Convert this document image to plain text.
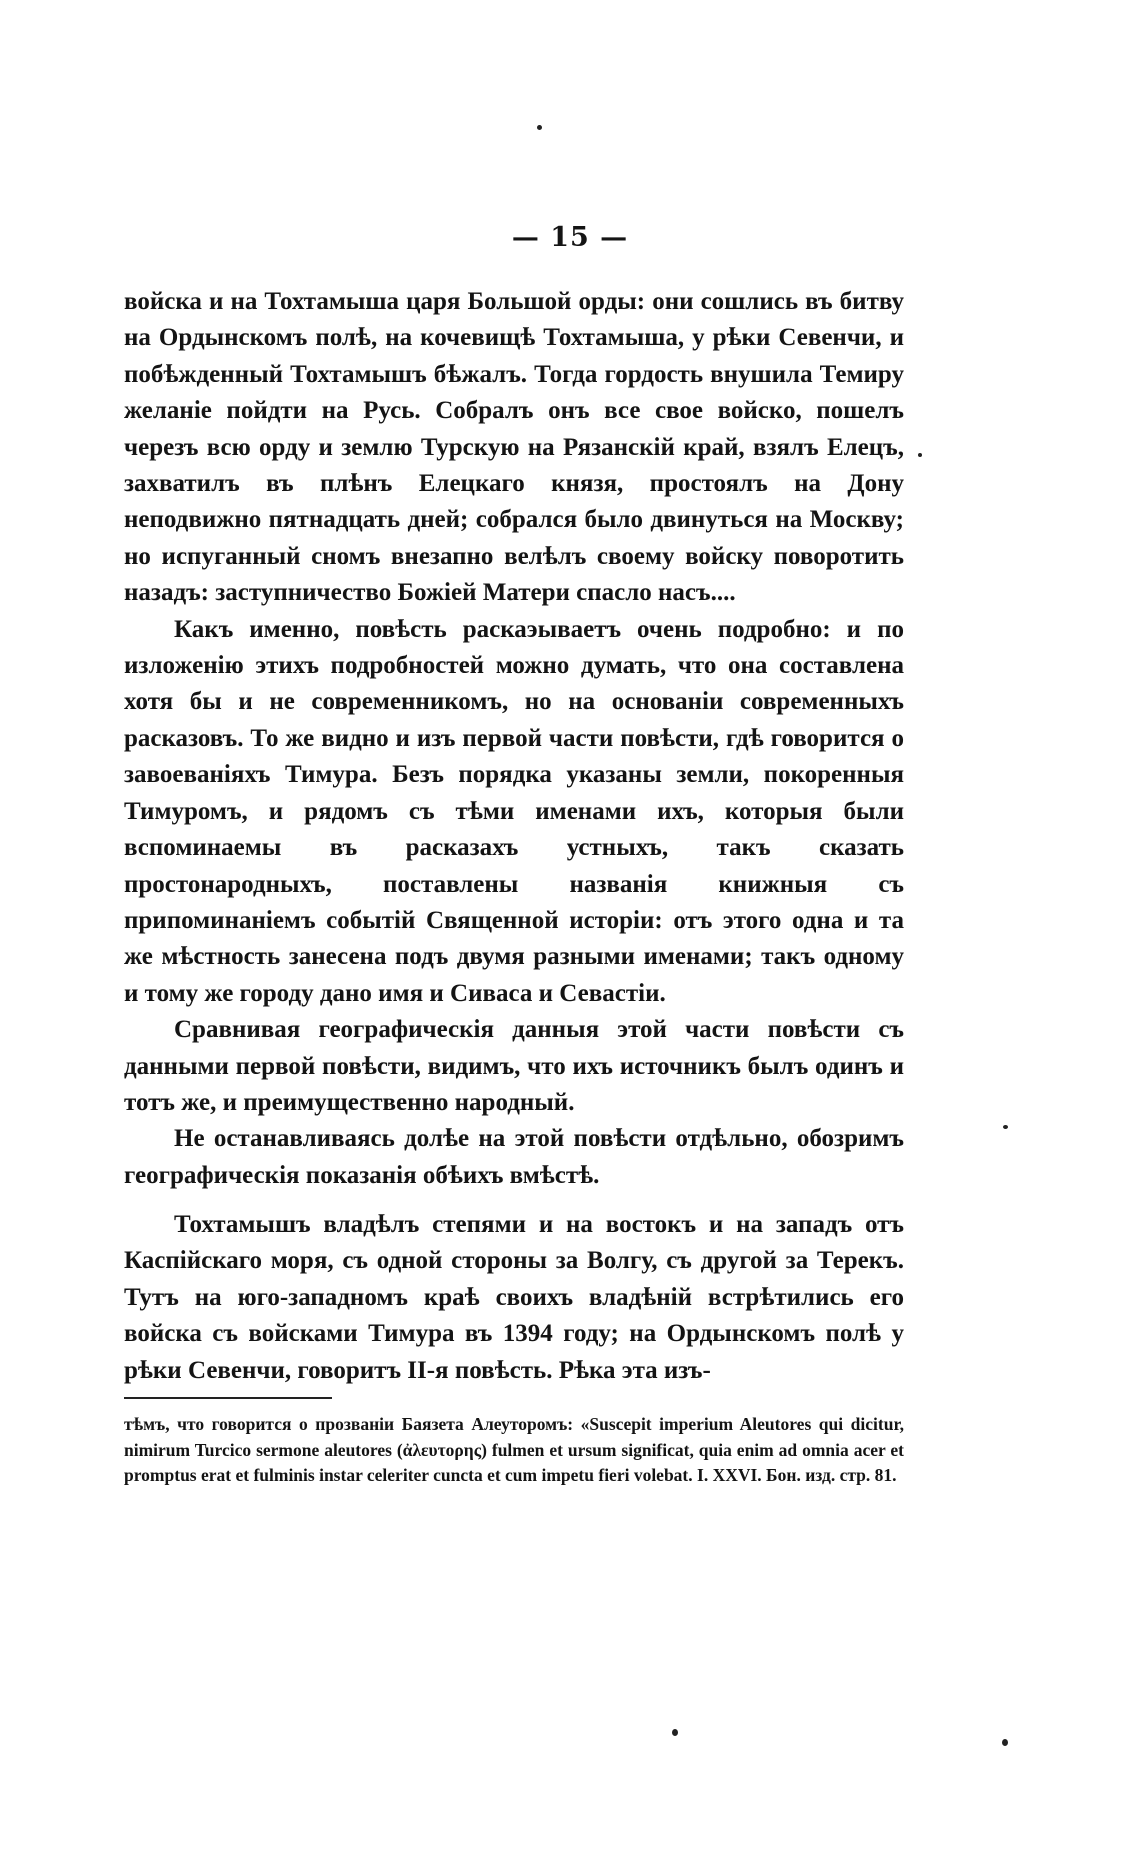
— 15 —

войска и на Тохтамыша царя Большой орды: они сошлись въ битву на Ордынскомъ полѣ, на кочевищѣ Тохтамыша, у рѣки Севенчи, и побѣжденный Тохтамышъ бѣжалъ. Тогда гордость внушила Темиру желаніе пойдти на Русь. Собралъ онъ все свое войско, пошелъ черезъ всю орду и землю Турскую на Рязанскій край, взялъ Елецъ, захватилъ въ плѣнъ Елецкаго князя, простоялъ на Дону неподвижно пятнадцать дней; собрался было двинуться на Москву; но испуганный сномъ внезапно велѣлъ своему войску поворотить назадъ: заступничество Божіей Матери спасло насъ....

Какъ именно, повѣсть раскаэываетъ очень подробно: и по изложенію этихъ подробностей можно думать, что она составлена хотя бы и не современникомъ, но на основаніи современныхъ расказовъ. То же видно и изъ первой части повѣсти, гдѣ говорится о завоеваніяхъ Тимура. Безъ порядка указаны земли, покоренныя Тимуромъ, и рядомъ съ тѣми именами ихъ, которыя были вспоминаемы въ расказахъ устныхъ, такъ сказать простонародныхъ, поставлены названія книжныя съ припоминаніемъ событій Священной исторіи: отъ этого одна и та же мѣстность занесена подъ двумя разными именами; такъ одному и тому же городу дано имя и Сиваса и Севастіи.

Сравнивая географическія данныя этой части повѣсти съ данными первой повѣсти, видимъ, что ихъ источникъ былъ одинъ и тотъ же, и преимущественно народный.

Не останавливаясь долѣе на этой повѣсти отдѣльно, обозримъ географическія показанія обѣихъ вмѣстѣ.

Тохтамышъ владѣлъ степями и на востокъ и на западъ отъ Каспійскаго моря, съ одной стороны за Волгу, съ другой за Терекъ. Тутъ на юго-западномъ краѣ своихъ владѣній встрѣтились его войска съ войсками Тимура въ 1394 году; на Ордынскомъ полѣ у рѣки Севенчи, говоритъ II-я повѣсть. Рѣка эта изъ-

тѣмъ, что говорится о прозваніи Баязета Алеуторомъ: «Suscepit imperium Aleutores qui dicitur, nimirum Turcico sermone aleutores (ἀλευτορης) fulmen et ursum significat, quia enim ad omnia acer et promptus erat et fulminis instar celeriter cuncta et cum impetu fieri volebat. I. XXVI. Бон. изд. стр. 81.
